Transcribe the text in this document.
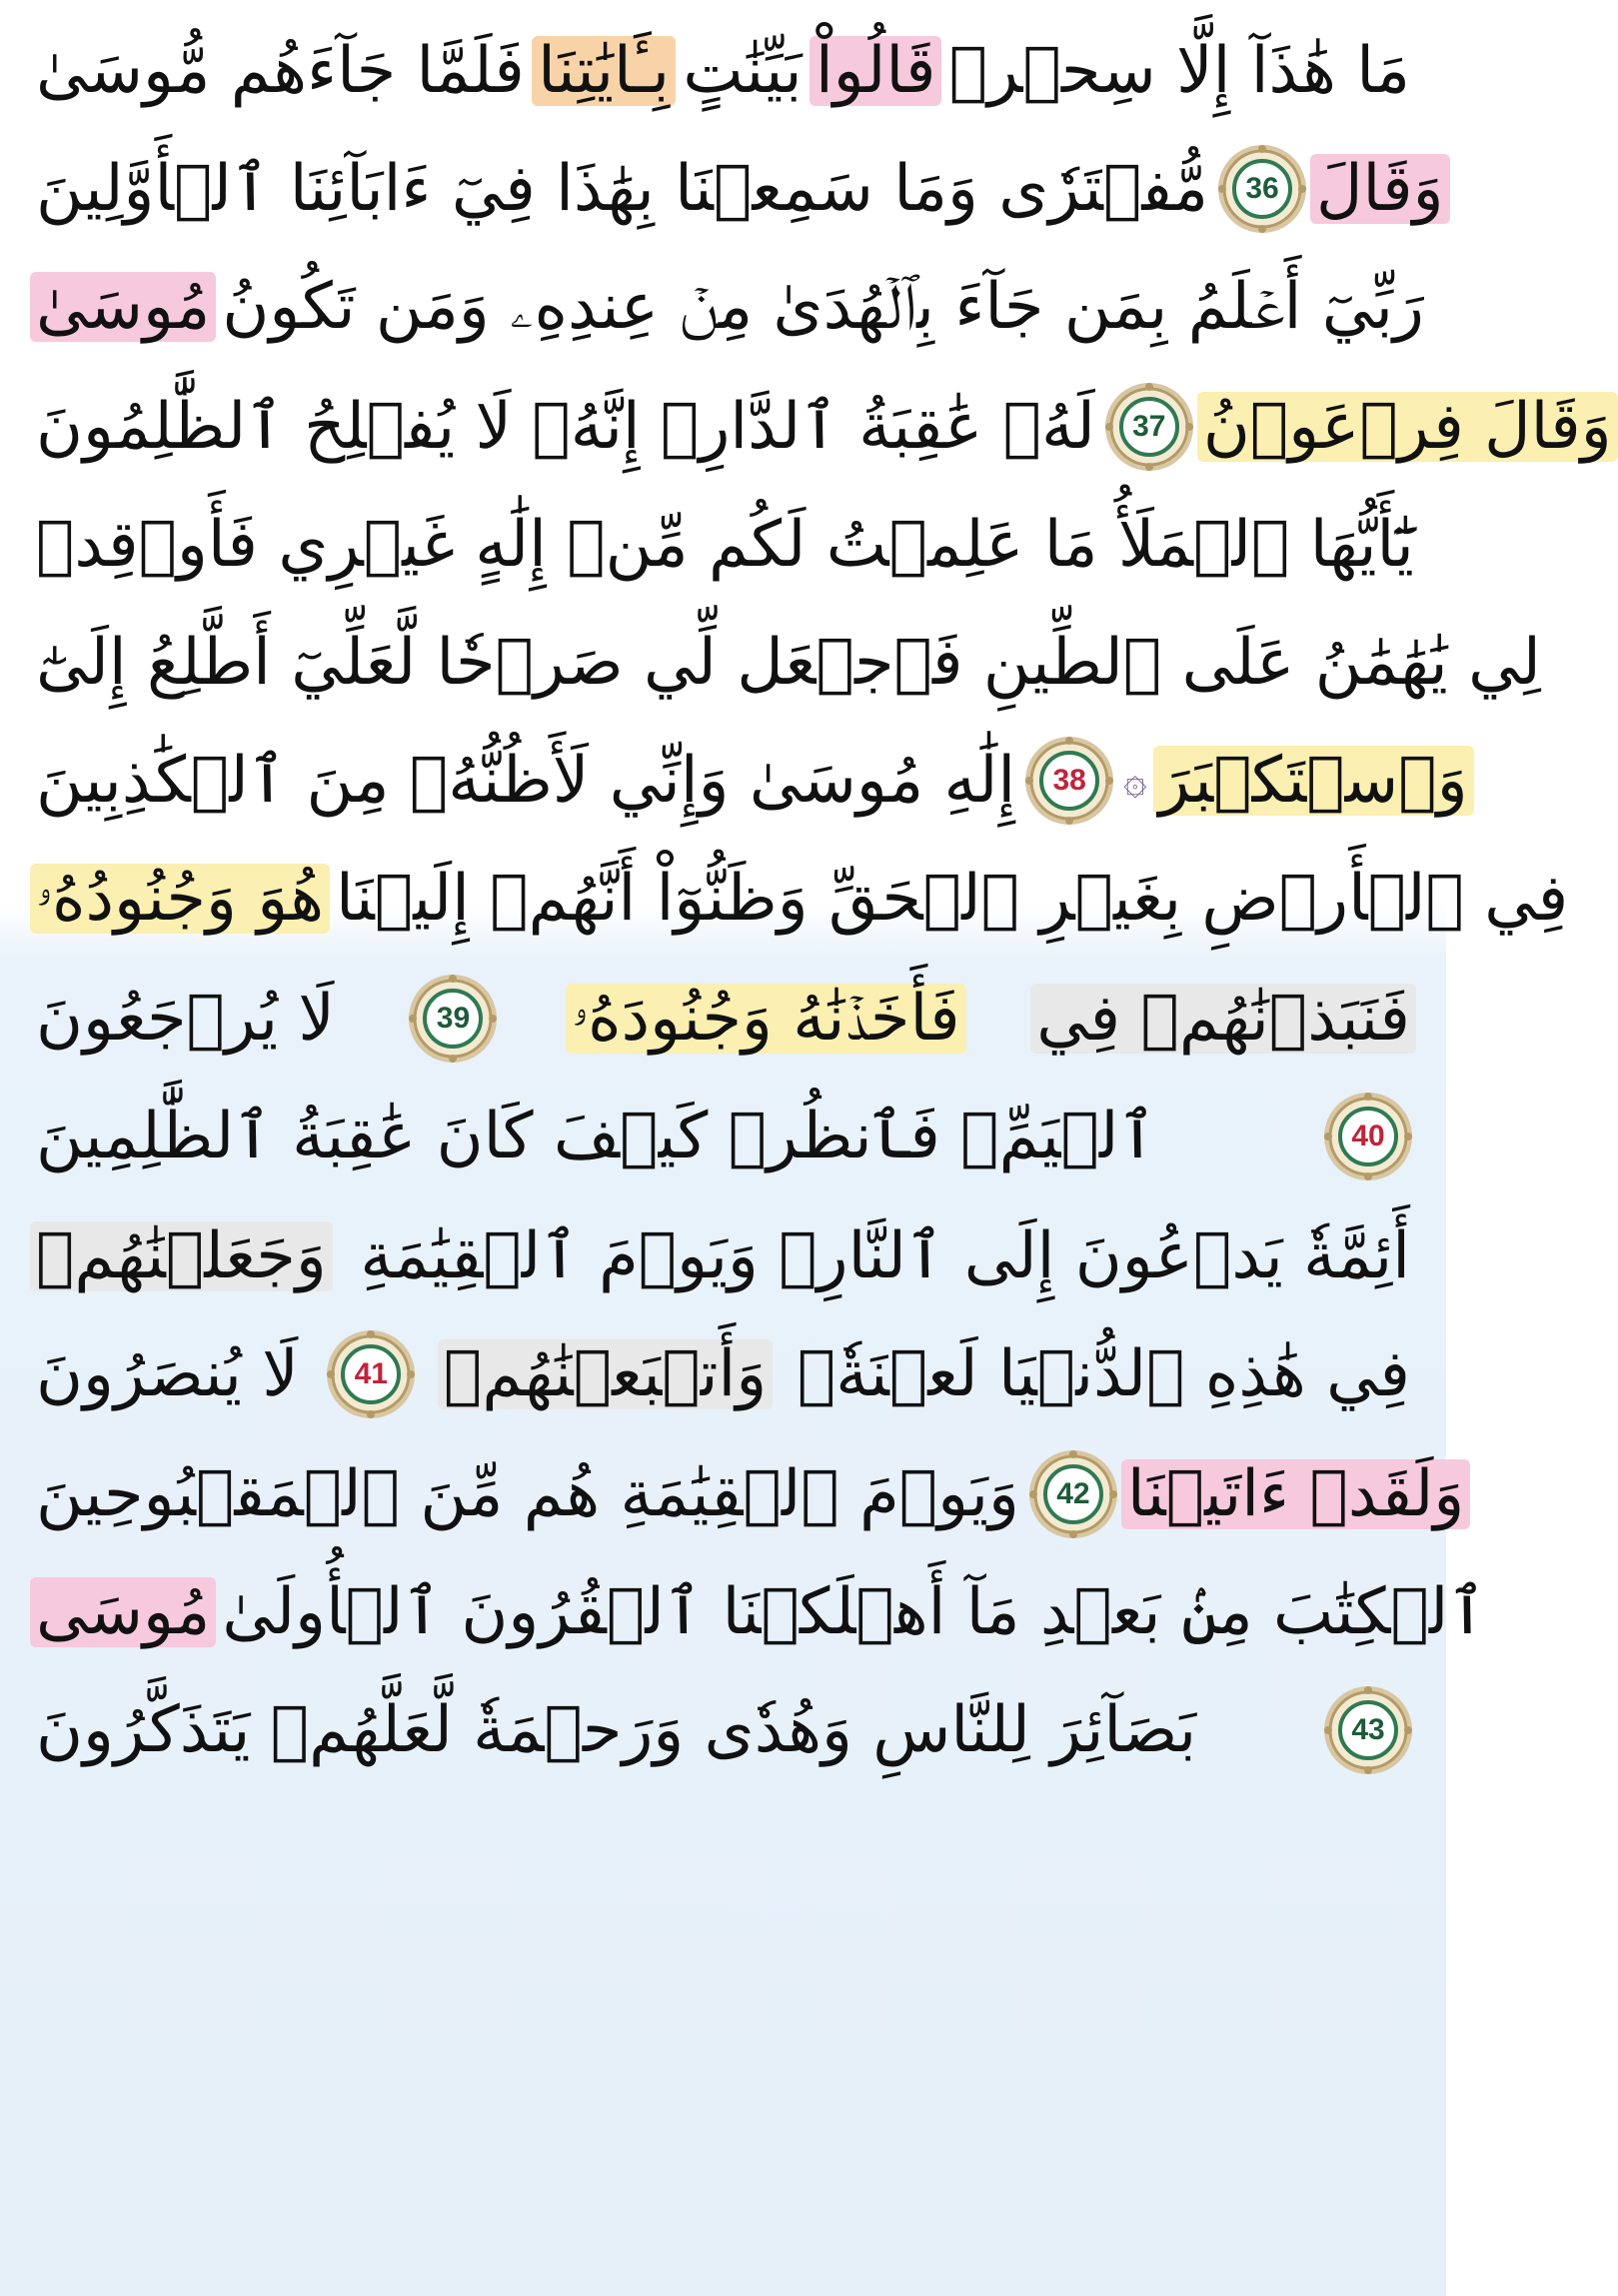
فَلَمَّا جَآءَهُم مُّوسَىٰ بِـَٔايَٰتِنَا بَيِّنَٰتٍ قَالُواْ مَا هَٰذَآ إِلَّا سِحۡرٞ
مُّفۡتَرٗى وَمَا سَمِعۡنَا بِهَٰذَا فِيٓ ءَابَآئِنَا ٱلۡأَوَّلِينَ 36 وَقَالَ
مُوسَىٰ رَبِّيٓ أَعۡلَمُ بِمَن جَآءَ بِٱلۡهُدَىٰ مِنۡ عِندِهِۦ وَمَن تَكُونُ
لَهُۥ عَٰقِبَةُ ٱلدَّارِۚ إِنَّهُۥ لَا يُفۡلِحُ ٱلظَّٰلِمُونَ 37 وَقَالَ فِرۡعَوۡنُ
يَٰٓأَيُّهَا ٱلۡمَلَأُ مَا عَلِمۡتُ لَكُم مِّنۡ إِلَٰهٍ غَيۡرِي فَأَوۡقِدۡ
لِي يَٰهَٰمَٰنُ عَلَى ٱلطِّينِ فَٱجۡعَل لِّي صَرۡحٗا لَّعَلِّيٓ أَطَّلِعُ إِلَىٰٓ
إِلَٰهِ مُوسَىٰ وَإِنِّي لَأَظُنُّهُۥ مِنَ ٱلۡكَٰذِبِينَ 38 ۞ وَٱسۡتَكۡبَرَ
هُوَ وَجُنُودُهُۥ فِي ٱلۡأَرۡضِ بِغَيۡرِ ٱلۡحَقِّ وَظَنُّوٓاْ أَنَّهُمۡ إِلَيۡنَا
لَا يُرۡجَعُونَ	39 فَأَخَذۡنَٰهُ وَجُنُودَهُۥ فَنَبَذۡنَٰهُمۡ فِي
ٱلۡيَمِّۖ فَٱنظُرۡ كَيۡفَ كَانَ عَٰقِبَةُ ٱلظَّٰلِمِينَ	40
وَجَعَلۡنَٰهُمۡ أَئِمَّةٗ يَدۡعُونَ إِلَى ٱلنَّارِۖ وَيَوۡمَ ٱلۡقِيَٰمَةِ
لَا يُنصَرُونَ 41 وَأَتۡبَعۡنَٰهُمۡ فِي هَٰذِهِ ٱلدُّنۡيَا لَعۡنَةٗۖ
وَيَوۡمَ ٱلۡقِيَٰمَةِ هُم مِّنَ ٱلۡمَقۡبُوحِينَ 42 وَلَقَدۡ ءَاتَيۡنَا
مُوسَى ٱلۡكِتَٰبَ مِنۢ بَعۡدِ مَآ أَهۡلَكۡنَا ٱلۡقُرُونَ ٱلۡأُولَىٰ
بَصَآئِرَ لِلنَّاسِ وَهُدٗى وَرَحۡمَةٗ لَّعَلَّهُمۡ يَتَذَكَّرُونَ	43
